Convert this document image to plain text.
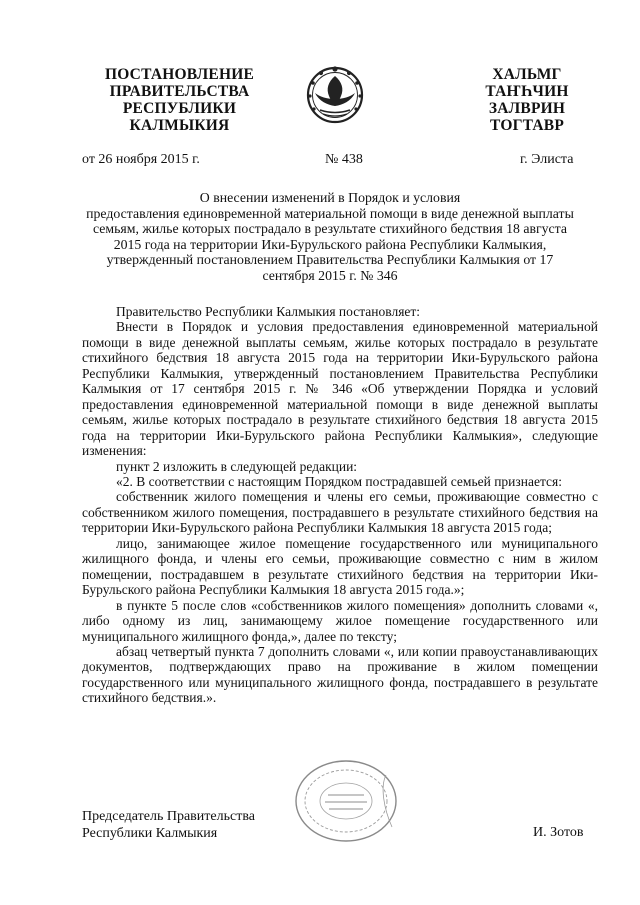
ПОСТАНОВЛЕНИЕ
ПРАВИТЕЛЬСТВА
РЕСПУБЛИКИ
КАЛМЫКИЯ
ХАЛЬМГ
ТАҤҺЧИН
ЗАЛВРИН
ТОГТАВР
от 26 ноября 2015 г.	№ 438	г. Элиста
О внесении изменений в Порядок и условия
предоставления единовременной материальной помощи в виде денежной выплаты
семьям, жилье которых пострадало в результате стихийного бедствия 18 августа
2015 года на территории Ики-Бурульского района Республики Калмыкия,
утвержденный постановлением Правительства Республики Калмыкия от 17
сентября 2015 г. № 346

Правительство Республики Калмыкия постановляет:

Внести в Порядок и условия предоставления единовременной материальной помощи в виде денежной выплаты семьям, жилье которых пострадало в результате стихийного бедствия 18 августа 2015 года на территории Ики-Бурульского района Республики Калмыкия, утвержденный постановлением Правительства Республики Калмыкия от 17 сентября 2015 г. № 346 «Об утверждении Порядка и условий предоставления единовременной материальной помощи в виде денежной выплаты семьям, жилье которых пострадало в результате стихийного бедствия 18 августа 2015 года на территории Ики-Бурульского района Республики Калмыкия», следующие изменения:

пункт 2 изложить в следующей редакции:

«2. В соответствии с настоящим Порядком пострадавшей семьей признается:

собственник жилого помещения и члены его семьи, проживающие совместно с собственником жилого помещения, пострадавшего в результате стихийного бедствия на территории Ики-Бурульского района Республики Калмыкия 18 августа 2015 года;

лицо, занимающее жилое помещение государственного или муниципального жилищного фонда, и члены его семьи, проживающие совместно с ним в жилом помещении, пострадавшем в результате стихийного бедствия на территории Ики-Бурульского района Республики Калмыкия 18 августа 2015 года.»;

в пункте 5 после слов «собственников жилого помещения» дополнить словами «, либо одному из лиц, занимающему жилое помещение государственного или муниципального жилищного фонда,», далее по тексту;

абзац четвертый пункта 7 дополнить словами «, или копии правоустанавливающих документов, подтверждающих право на проживание в жилом помещении государственного или муниципального жилищного фонда, пострадавшего в результате стихийного бедствия.».

Председатель Правительства
Республики Калмыкия	И. Зотов
